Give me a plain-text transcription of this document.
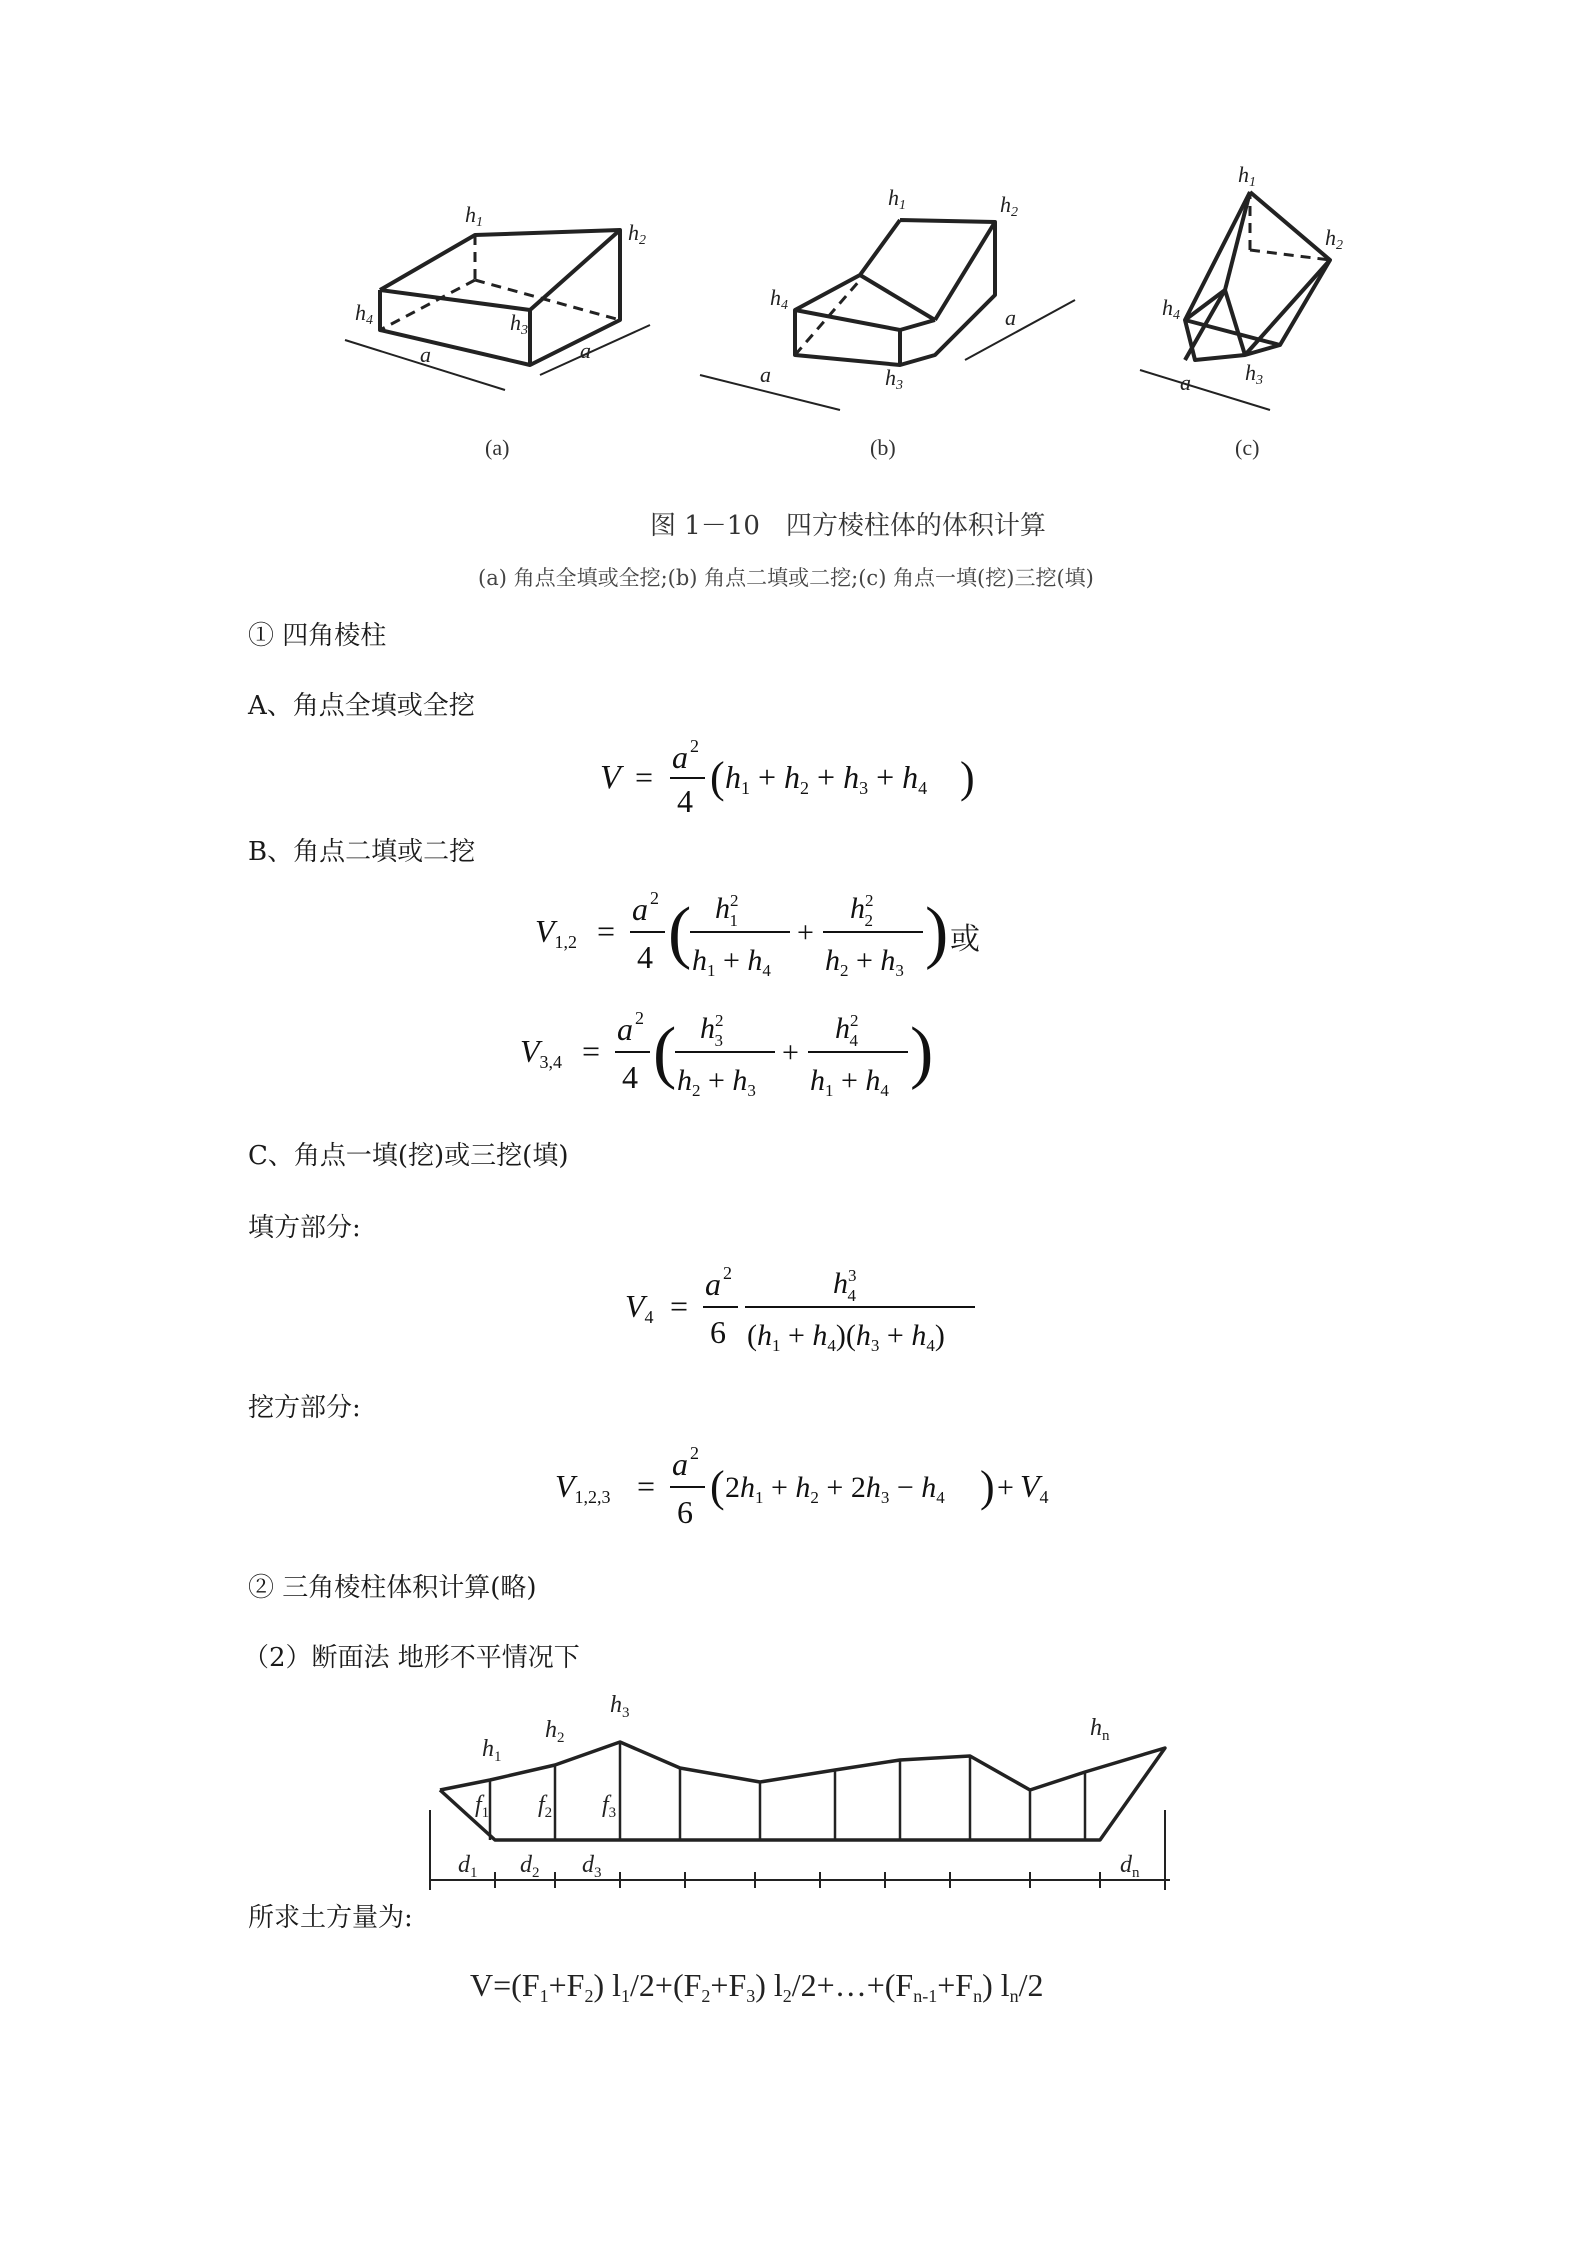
h1	h2
h3
h4
a	a
h1	h2
h3
h4
a
a
h1
h2
h3
h4
a
(a)	(b)	(c)
图 1－10　四方棱柱体的体积计算
(a) 角点全填或全挖;(b) 角点二填或二挖;(c) 角点一填(挖)三挖(填)
① 四角棱柱
A、角点全填或全挖
V =
a 2
4 ( h1 + h2 + h3 + h4 )
B、角点二填或二挖
V1,2 =
a 2
4 ( $h^2$ 1
$h_1 + h_4$
+
$h^2$ 2
$h_2 + h_3$ ) 或
V3,4 =
a 2
4 ( $h^2$ 3
$h_2 + h_3$
+
$h^2$ 4
$h_1 + h_4$ )
C、角点一填(挖)或三挖(填)
填方部分:
V4 =
a 2
6
$h^3$ 4
$(h_1 + h_4)(h_3 + h_4)$
挖方部分:
V1,2,3 =
a 2
6
( $2h_1 + h_2 + 2h_3 - h_4$ ) + V4
② 三角棱柱体积计算(略)
（2）断面法 地形不平情况下
$h_1$
$h_2$
$h_3$
$h_n$
$f_1$ $f_2$ $f_3$
$d_1$ $d_2$ $d_3$	$d_n$
所求土方量为:
V=(F1+F2) l1/2+(F2+F3) l2/2+…+(Fn-1+Fn) ln/2
